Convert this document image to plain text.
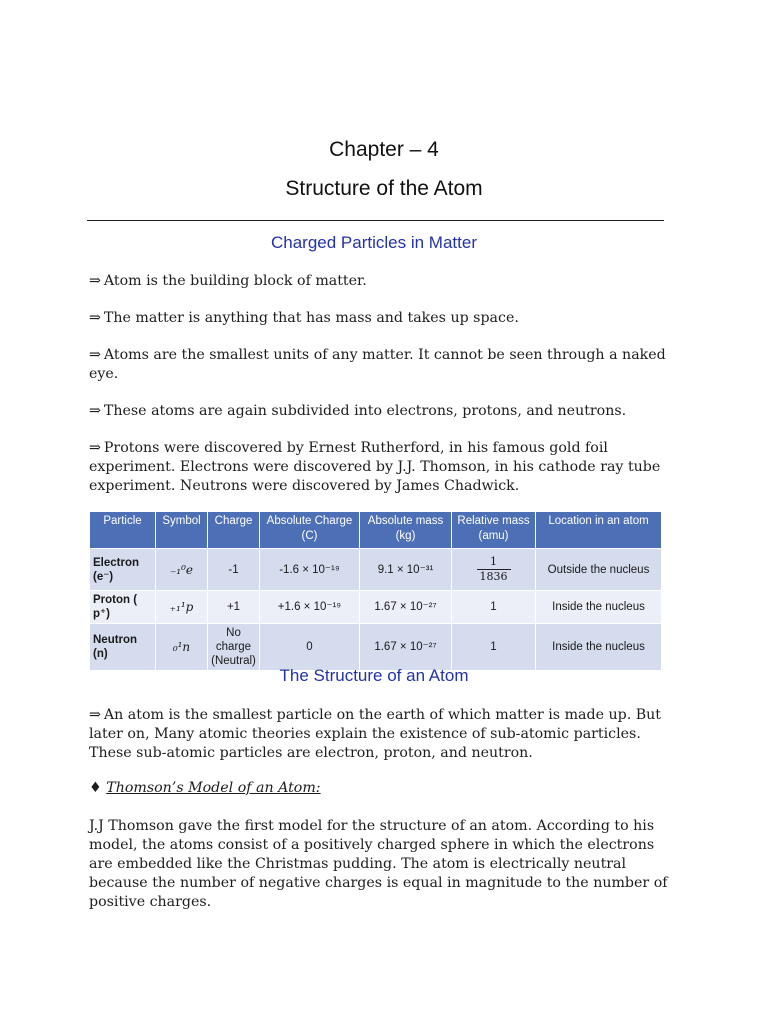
Chapter – 4
Structure of the Atom
Charged Particles in Matter
⇒ Atom is the building block of matter.
⇒ The matter is anything that has mass and takes up space.
⇒ Atoms are the smallest units of any matter. It cannot be seen through a naked eye.
⇒ These atoms are again subdivided into electrons, protons, and neutrons.
⇒ Protons were discovered by Ernest Rutherford, in his famous gold foil experiment. Electrons were discovered by J.J. Thomson, in his cathode ray tube experiment. Neutrons were discovered by James Chadwick.
Particle	Symbol	Charge	Absolute Charge (C)	Absolute mass (kg)	Relative mass (amu)	Location in an atom
Electron (e⁻)	₋₁⁰e	-1	-1.6 × 10⁻¹⁹	9.1 × 10⁻³¹	$\frac{1}{1836}$	Outside the nucleus
Proton ( p⁺)	₊₁¹p	+1	+1.6 × 10⁻¹⁹	1.67 × 10⁻²⁷	1	Inside the nucleus
Neutron (n)	₀¹n	No charge (Neutral)	0	1.67 × 10⁻²⁷	1	Inside the nucleus
The Structure of an Atom
⇒ An atom is the smallest particle on the earth of which matter is made up. But later on, Many atomic theories explain the existence of sub-atomic particles. These sub-atomic particles are electron, proton, and neutron.
♦ Thomson’s Model of an Atom:
J.J Thomson gave the first model for the structure of an atom. According to his model, the atoms consist of a positively charged sphere in which the electrons are embedded like the Christmas pudding. The atom is electrically neutral because the number of negative charges is equal in magnitude to the number of positive charges.
